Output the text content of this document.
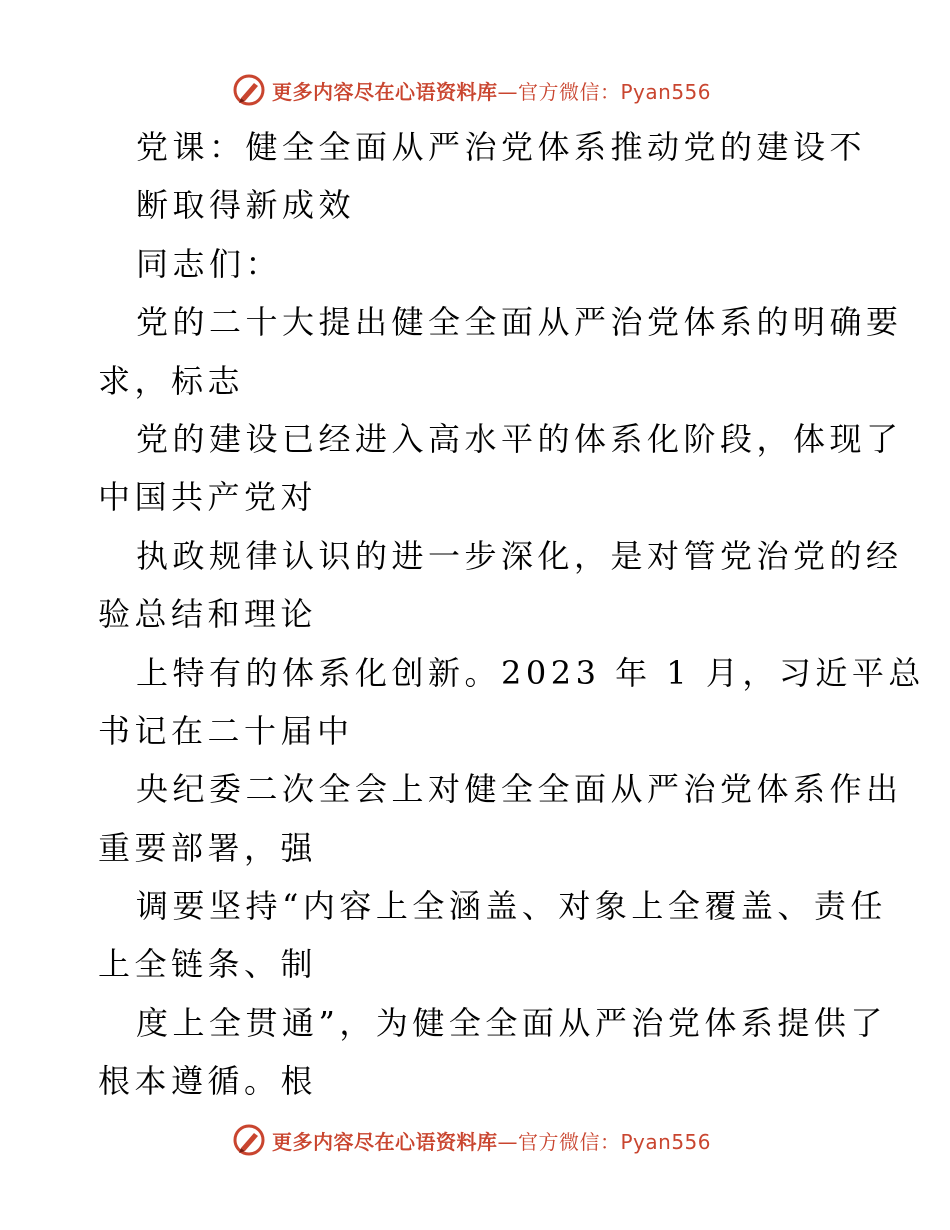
更多内容尽在心语资料库—官方微信：Pyan556
党课：健全全面从严治党体系推动党的建设不
断取得新成效
同志们：
党的二十大提出健全全面从严治党体系的明确要
求，标志
党的建设已经进入高水平的体系化阶段，体现了
中国共产党对
执政规律认识的进一步深化，是对管党治党的经
验总结和理论
上特有的体系化创新。2023 年 1 月，习近平总
书记在二十届中
央纪委二次全会上对健全全面从严治党体系作出
重要部署，强
调要坚持“内容上全涵盖、对象上全覆盖、责任
上全链条、制
度上全贯通”，为健全全面从严治党体系提供了
根本遵循。根
更多内容尽在心语资料库—官方微信：Pyan556
